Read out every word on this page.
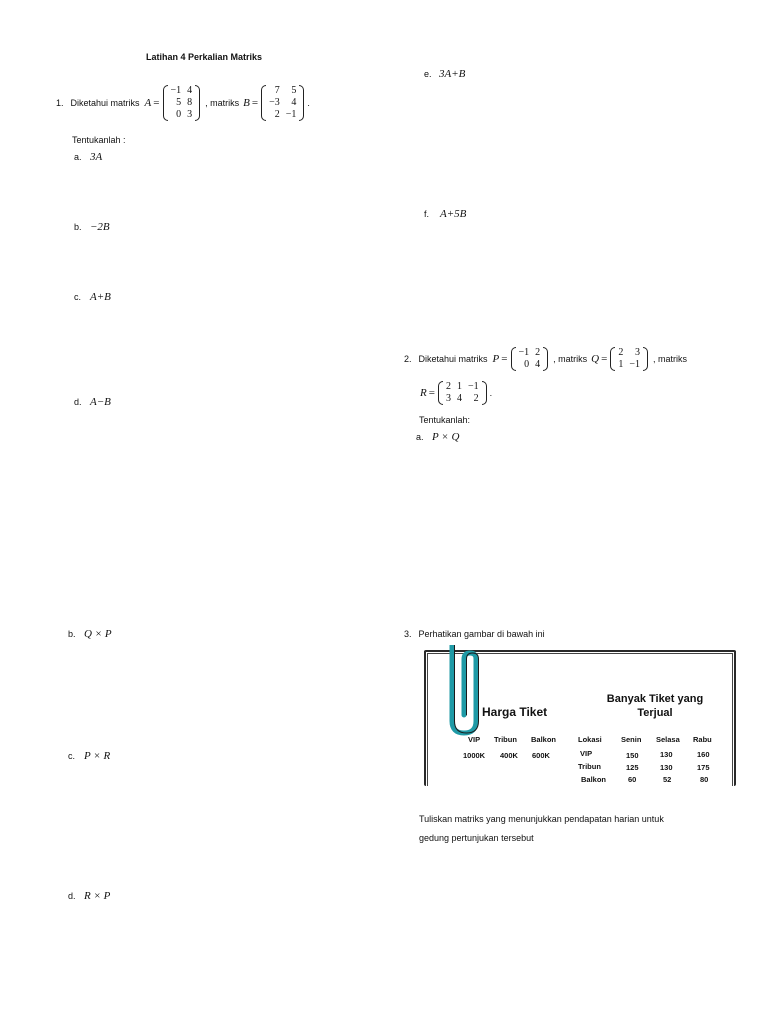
Latihan 4 Perkalian Matriks
1. Diketahui matriks A =
−1	4
5	8
0	3
, matriks B =
7	5
−3	4
2	−1
.
Tentukanlah :
a. 3A
b. −2B
c. A+B
d. A−B
e. 3A+B
f. A+5B
2. Diketahui matriks P =
−1	2
0	4 , matriks Q =
2	3
1	−1 , matriks
R =
2	1	−1
3	4	2 .
Tentukanlah:
a. P × Q
b. Q × P
c. P × R
d. R × P
3. Perhatikan gambar di bawah ini
Harga Tiket
Banyak Tiket yang Terjual
VIP Tribun Balkon
1000K 400K 600K
Lokasi	Senin Selasa Rabu
VIP	150	130	160
Tribun	125	130	175
Balkon	60	52	80
Tuliskan matriks yang menunjukkan pendapatan harian untuk
gedung pertunjukan tersebut
